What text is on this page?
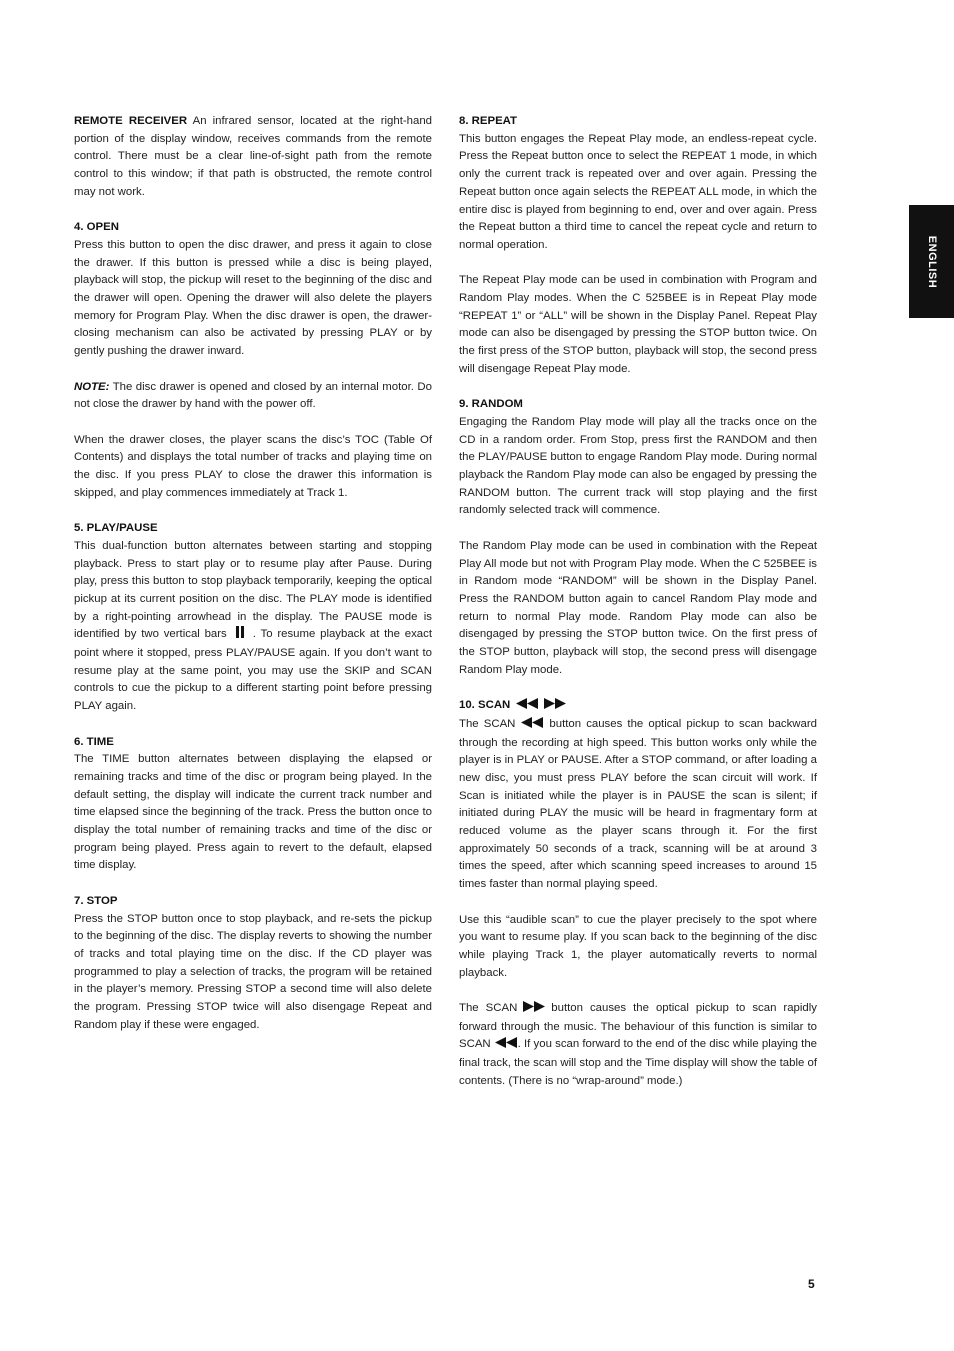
REMOTE RECEIVER An infrared sensor, located at the right-hand portion of the display window, receives commands from the remote control. There must be a clear line-of-sight path from the remote control to this window; if that path is obstructed, the remote control may not work.

4. OPEN

Press this button to open the disc drawer, and press it again to close the drawer. If this button is pressed while a disc is being played, playback will stop, the pickup will reset to the beginning of the disc and the drawer will open. Opening the drawer will also delete the players memory for Program Play. When the disc drawer is open, the drawer-closing mechanism can also be activated by pressing PLAY or by gently pushing the drawer inward.

NOTE: The disc drawer is opened and closed by an internal motor. Do not close the drawer by hand with the power off.

When the drawer closes, the player scans the disc’s TOC (Table Of Contents) and displays the total number of tracks and playing time on the disc. If you press PLAY to close the drawer this information is skipped, and play commences immediately at Track 1.

5. PLAY/PAUSE

This dual-function button alternates between starting and stopping playback. Press to start play or to resume play after Pause. During play, press this button to stop playback temporarily, keeping the optical pickup at its current position on the disc. The PLAY mode is identified by a right-pointing arrowhead in the display. The PAUSE mode is identified by two vertical bars . To resume playback at the exact point where it stopped, press PLAY/PAUSE again. If you don’t want to resume play at the same point, you may use the SKIP and SCAN controls to cue the pickup to a different starting point before pressing PLAY again.

6. TIME

The TIME button alternates between displaying the elapsed or remaining tracks and time of the disc or program being played. In the default setting, the display will indicate the current track number and time elapsed since the beginning of the track. Press the button once to display the total number of remaining tracks and time of the disc or program being played. Press again to revert to the default, elapsed time display.

7. STOP

Press the STOP button once to stop playback, and re-sets the pickup to the beginning of the disc. The display reverts to showing the number of tracks and total playing time on the disc. If the CD player was programmed to play a selection of tracks, the program will be retained in the player’s memory. Pressing STOP a second time will also delete the program. Pressing STOP twice will also disengage Repeat and Random play if these were engaged.

8. REPEAT

This button engages the Repeat Play mode, an endless-repeat cycle. Press the Repeat button once to select the REPEAT 1 mode, in which only the current track is repeated over and over again. Pressing the Repeat button once again selects the REPEAT ALL mode, in which the entire disc is played from beginning to end, over and over again. Press the Repeat button a third time to cancel the repeat cycle and return to normal operation.

The Repeat Play mode can be used in combination with Program and Random Play modes. When the C 525BEE is in Repeat Play mode “REPEAT 1” or “ALL” will be shown in the Display Panel. Repeat Play mode can also be disengaged by pressing the STOP button twice. On the first press of the STOP button, playback will stop, the second press will disengage Repeat Play mode.

9. RANDOM

Engaging the Random Play mode will play all the tracks once on the CD in a random order. From Stop, press first the RANDOM and then the PLAY/PAUSE button to engage Random Play mode. During normal playback the Random Play mode can also be engaged by pressing the RANDOM button. The current track will stop playing and the first randomly selected track will commence.

The Random Play mode can be used in combination with the Repeat Play All mode but not with Program Play mode. When the C 525BEE is in Random mode “RANDOM” will be shown in the Display Panel. Press the RANDOM button again to cancel Random Play mode and return to normal Play mode. Random Play mode can also be disengaged by pressing the STOP button twice. On the first press of the STOP button, playback will stop, the second press will disengage Random Play mode.

10. SCAN

The SCAN	button causes the optical pickup to scan backward through the recording at high speed. This button works only while the player is in PLAY or PAUSE. After a STOP command, or after loading a new disc, you must press PLAY before the scan circuit will work. If Scan is initiated while the player is in PAUSE the scan is silent; if initiated during PLAY the music will be heard in fragmentary form at reduced volume as the player scans through it. For the first approximately 50 seconds of a track, scanning will be at around 3 times the speed, after which scanning speed increases to around 15 times faster than normal playing speed.

Use this “audible scan” to cue the player precisely to the spot where you want to resume play. If you scan back to the beginning of the disc while playing Track 1, the player automatically reverts to normal playback.

The SCAN	button causes the optical pickup to scan rapidly forward through the music. The behaviour of this function is similar to SCAN . If you scan forward to the end of the disc while playing the final track, the scan will stop and the Time display will show the table of contents. (There is no “wrap-around” mode.)

ENGLISH
5
